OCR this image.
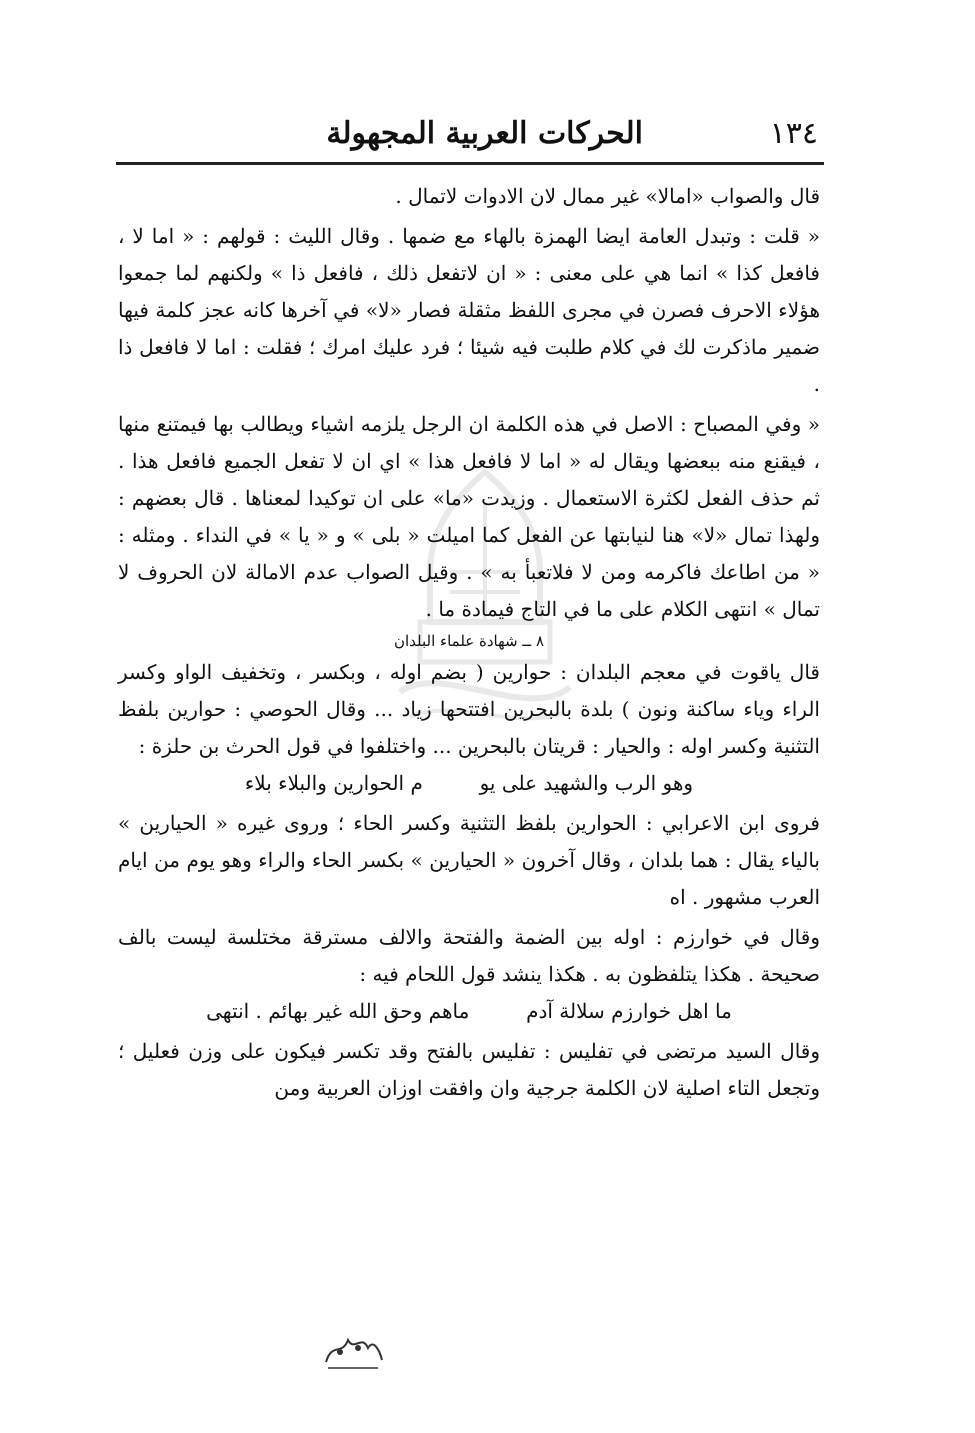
١٣٤
الحركات العربية المجهولة

قال والصواب «امالا» غير ممال لان الادوات لاتمال .

« قلت : وتبدل العامة ايضا الهمزة بالهاء مع ضمها . وقال الليث : قولهم : « اما لا ، فافعل كذا » انما هي على معنى : « ان لاتفعل ذلك ، فافعل ذا » ولكنهم لما جمعوا هؤلاء الاحرف فصرن في مجرى اللفظ مثقلة فصار «لا» في آخرها كانه عجز كلمة فيها ضمير ماذكرت لك في كلام طلبت فيه شيئا ؛ فرد عليك امرك ؛ فقلت : اما لا فافعل ذا .

« وفي المصباح : الاصل في هذه الكلمة ان الرجل يلزمه اشياء ويطالب بها فيمتنع منها ، فيقنع منه ببعضها ويقال له « اما لا فافعل هذا » اي ان لا تفعل الجميع فافعل هذا . ثم حذف الفعل لكثرة الاستعمال . وزيدت «ما» على ان توكيدا لمعناها . قال بعضهم : ولهذا تمال «لا» هنا لنيابتها عن الفعل كما اميلت « بلى » و « يا » في النداء . ومثله : « من اطاعك فاكرمه ومن لا فلاتعبأ به » . وقيل الصواب عدم الامالة لان الحروف لا تمال » انتهى الكلام على ما في التاج فيمادة ما .

٨ ــ شهادة علماء البلدان

قال ياقوت في معجم البلدان : حوارين ( بضم اوله ، وبكسر ، وتخفيف الواو وكسر الراء وياء ساكنة ونون ) بلدة بالبحرين افتتحها زياد ... وقال الحوصي : حوارين بلفظ التثنية وكسر اوله : والحيار : قريتان بالبحرين ... واختلفوا في قول الحرث بن حلزة :

وهو الرب والشهيد على يو  م الحوارين والبلاء بلاء

فروى ابن الاعرابي : الحوارين بلفظ التثنية وكسر الحاء ؛ وروى غيره « الحيارين » بالياء يقال : هما بلدان ، وقال آخرون « الحيارين » بكسر الحاء والراء وهو يوم من ايام العرب مشهور . اه

وقال في خوارزم : اوله بين الضمة والفتحة والالف مسترقة مختلسة ليست بالف صحيحة . هكذا يتلفظون به . هكذا ينشد قول اللحام فيه :

ما اهل خوارزم سلالة آدم  ماهم وحق الله غير بهائم . انتهى

وقال السيد مرتضى في تفليس : تفليس بالفتح وقد تكسر فيكون على وزن فعليل ؛ وتجعل التاء اصلية لان الكلمة جرجية وان وافقت اوزان العربية ومن
